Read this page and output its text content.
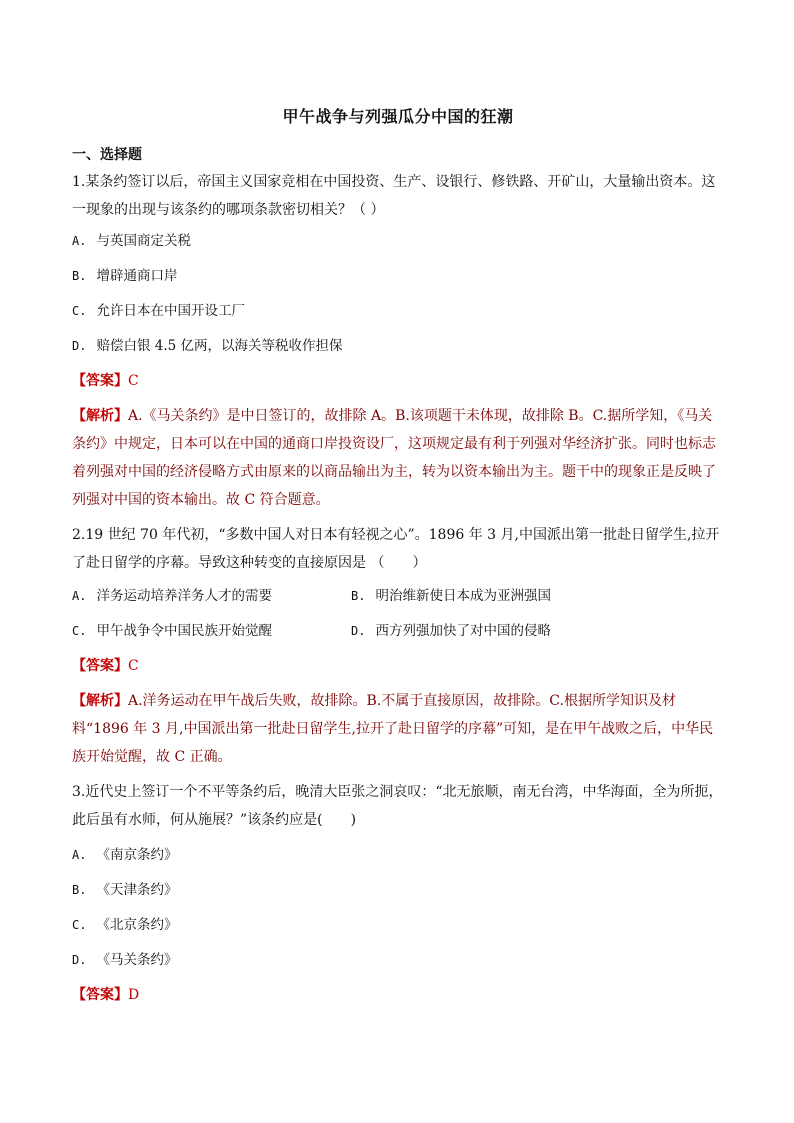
甲午战争与列强瓜分中国的狂潮
一、选择题
1.某条约签订以后，帝国主义国家竞相在中国投资、生产、设银行、修铁路、开矿山，大量输出资本。这一现象的出现与该条约的哪项条款密切相关？（ ）
A. 与英国商定关税
B. 增辟通商口岸
C. 允许日本在中国开设工厂
D. 赔偿白银 4.5 亿两，以海关等税收作担保
【答案】C
【解析】A.《马关条约》是中日签订的，故排除 A。B.该项题干未体现，故排除 B。C.据所学知，《马关条约》中规定，日本可以在中国的通商口岸投资设厂，这项规定最有利于列强对华经济扩张。同时也标志着列强对中国的经济侵略方式由原来的以商品输出为主，转为以资本输出为主。题干中的现象正是反映了列强对中国的资本输出。故 C 符合题意。
2.19 世纪 70 年代初，“多数中国人对日本有轻视之心”。1896 年 3 月,中国派出第一批赴日留学生,拉开了赴日留学的序幕。导致这种转变的直接原因是 （　　）
A. 洋务运动培养洋务人才的需要	B. 明治维新使日本成为亚洲强国
C. 甲午战争令中国民族开始觉醒	D. 西方列强加快了对中国的侵略
【答案】C
【解析】A.洋务运动在甲午战后失败，故排除。B.不属于直接原因，故排除。C.根据所学知识及材料“1896 年 3 月,中国派出第一批赴日留学生,拉开了赴日留学的序幕”可知，是在甲午战败之后，中华民族开始觉醒，故 C 正确。
3.近代史上签订一个不平等条约后，晚清大臣张之洞哀叹：“北无旅顺，南无台湾，中华海面，全为所扼，此后虽有水师，何从施展？”该条约应是(　　)
A. 《南京条约》
B. 《天津条约》
C. 《北京条约》
D. 《马关条约》
【答案】D
